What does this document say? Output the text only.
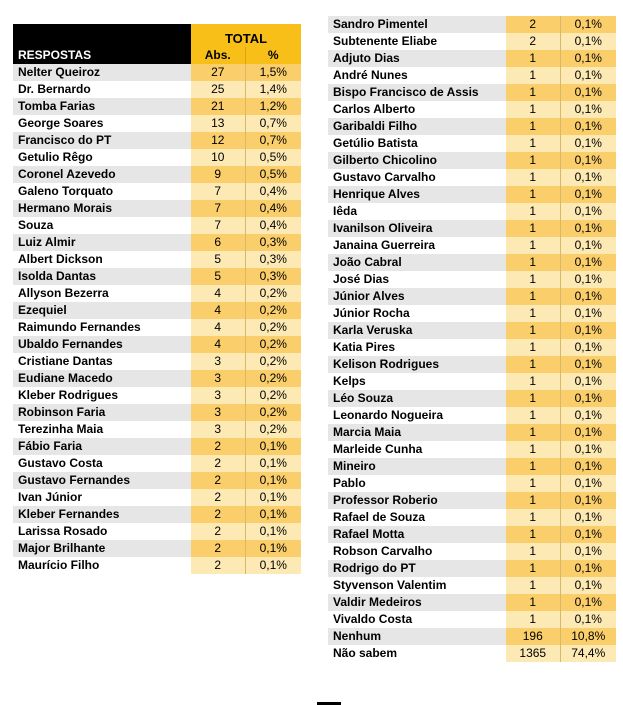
	TOTAL	
RESPOSTAS	Abs.	%
Nelter Queiroz	27	1,5%
Dr. Bernardo	25	1,4%
Tomba Farias	21	1,2%
George Soares	13	0,7%
Francisco do PT	12	0,7%
Getulio Rêgo	10	0,5%
Coronel Azevedo	9	0,5%
Galeno Torquato	7	0,4%
Hermano Morais	7	0,4%
Souza	7	0,4%
Luiz Almir	6	0,3%
Albert Dickson	5	0,3%
Isolda Dantas	5	0,3%
Allyson Bezerra	4	0,2%
Ezequiel	4	0,2%
Raimundo Fernandes	4	0,2%
Ubaldo Fernandes	4	0,2%
Cristiane Dantas	3	0,2%
Eudiane Macedo	3	0,2%
Kleber Rodrigues	3	0,2%
Robinson Faria	3	0,2%
Terezinha Maia	3	0,2%
Fábio Faria	2	0,1%
Gustavo Costa	2	0,1%
Gustavo Fernandes	2	0,1%
Ivan Júnior	2	0,1%
Kleber Fernandes	2	0,1%
Larissa Rosado	2	0,1%
Major Brilhante	2	0,1%
Maurício Filho	2	0,1%
Sandro Pimentel	2	0,1%
Subtenente Eliabe	2	0,1%
Adjuto Dias	1	0,1%
André Nunes	1	0,1%
Bispo Francisco de Assis	1	0,1%
Carlos Alberto	1	0,1%
Garibaldi Filho	1	0,1%
Getúlio Batista	1	0,1%
Gilberto Chicolino	1	0,1%
Gustavo Carvalho	1	0,1%
Henrique Alves	1	0,1%
Iêda	1	0,1%
Ivanilson Oliveira	1	0,1%
Janaina Guerreira	1	0,1%
João Cabral	1	0,1%
José Dias	1	0,1%
Júnior Alves	1	0,1%
Júnior Rocha	1	0,1%
Karla Veruska	1	0,1%
Katia Pires	1	0,1%
Kelison Rodrigues	1	0,1%
Kelps	1	0,1%
Léo Souza	1	0,1%
Leonardo Nogueira	1	0,1%
Marcia Maia	1	0,1%
Marleide Cunha	1	0,1%
Mineiro	1	0,1%
Pablo	1	0,1%
Professor Roberio	1	0,1%
Rafael de Souza	1	0,1%
Rafael Motta	1	0,1%
Robson Carvalho	1	0,1%
Rodrigo do PT	1	0,1%
Styvenson Valentim	1	0,1%
Valdir Medeiros	1	0,1%
Vivaldo Costa	1	0,1%
Nenhum	196	10,8%
Não sabem	1365	74,4%
